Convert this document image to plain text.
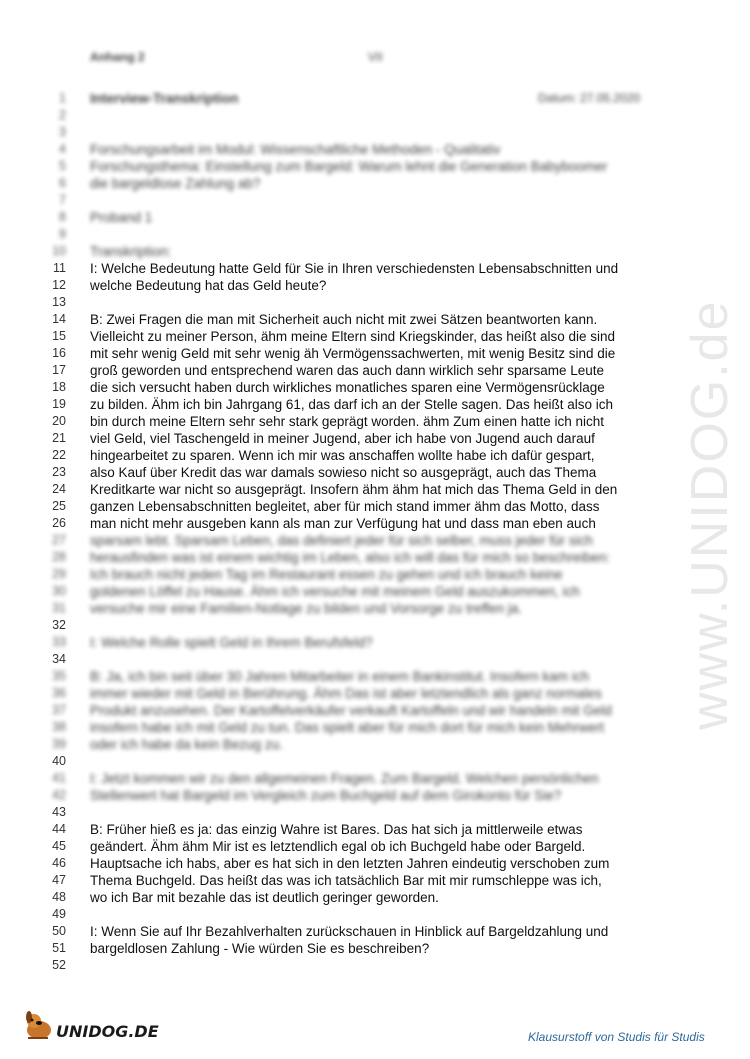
www.UNIDOG.de
Anhang 2	VII
1 Interview-Transkription	Datum: 27.05.2020
2
3
4 Forschungsarbeit im Modul: Wissenschaftliche Methoden - Qualitativ
5 Forschungsthema: Einstellung zum Bargeld: Warum lehnt die Generation Babyboomer
6 die bargeldlose Zahlung ab?
7
8 Proband 1
9
10 Transkription:
11 I: Welche Bedeutung hatte Geld für Sie in Ihren verschiedensten Lebensabschnitten und
12 welche Bedeutung hat das Geld heute?
13
14 B: Zwei Fragen die man mit Sicherheit auch nicht mit zwei Sätzen beantworten kann.
15 Vielleicht zu meiner Person, ähm meine Eltern sind Kriegskinder, das heißt also die sind
16 mit sehr wenig Geld mit sehr wenig äh Vermögenssachwerten, mit wenig Besitz sind die
17 groß geworden und entsprechend waren das auch dann wirklich sehr sparsame Leute
18 die sich versucht haben durch wirkliches monatliches sparen eine Vermögensrücklage
19 zu bilden. Ähm ich bin Jahrgang 61, das darf ich an der Stelle sagen. Das heißt also ich
20 bin durch meine Eltern sehr sehr stark geprägt worden. ähm Zum einen hatte ich nicht
21 viel Geld, viel Taschengeld in meiner Jugend, aber ich habe von Jugend auch darauf
22 hingearbeitet zu sparen. Wenn ich mir was anschaffen wollte habe ich dafür gespart,
23 also Kauf über Kredit das war damals sowieso nicht so ausgeprägt, auch das Thema
24 Kreditkarte war nicht so ausgeprägt. Insofern ähm ähm hat mich das Thema Geld in den
25 ganzen Lebensabschnitten begleitet, aber für mich stand immer ähm das Motto, dass
26 man nicht mehr ausgeben kann als man zur Verfügung hat und dass man eben auch
27 sparsam lebt. Sparsam Leben, das definiert jeder für sich selber, muss jeder für sich
28 herausfinden was ist einem wichtig im Leben, also ich will das für mich so beschreiben:
29 Ich brauch nicht jeden Tag im Restaurant essen zu gehen und ich brauch keine
30 goldenen Löffel zu Hause. Ähm ich versuche mit meinem Geld auszukommen, ich
31 versuche mir eine Familien-Notlage zu bilden und Vorsorge zu treffen ja.
32
33 I: Welche Rolle spielt Geld in Ihrem Berufsfeld?
34
35 B: Ja, ich bin seit über 30 Jahren Mitarbeiter in einem Bankinstitut. Insofern kam ich
36 immer wieder mit Geld in Berührung. Ähm Das ist aber letztendlich als ganz normales
37 Produkt anzusehen. Der Kartoffelverkäufer verkauft Kartoffeln und wir handeln mit Geld
38 insofern habe ich mit Geld zu tun. Das spielt aber für mich dort für mich kein Mehrwert
39 oder ich habe da kein Bezug zu.
40
41 I: Jetzt kommen wir zu den allgemeinen Fragen. Zum Bargeld. Welchen persönlichen
42 Stellenwert hat Bargeld im Vergleich zum Buchgeld auf dem Girokonto für Sie?
43
44 B: Früher hieß es ja: das einzig Wahre ist Bares. Das hat sich ja mittlerweile etwas
45 geändert. Ähm ähm Mir ist es letztendlich egal ob ich Buchgeld habe oder Bargeld.
46 Hauptsache ich habs, aber es hat sich in den letzten Jahren eindeutig verschoben zum
47 Thema Buchgeld. Das heißt das was ich tatsächlich Bar mit mir rumschleppe was ich,
48 wo ich Bar mit bezahle das ist deutlich geringer geworden.
49
50 I: Wenn Sie auf Ihr Bezahlverhalten zurückschauen in Hinblick auf Bargeldzahlung und
51 bargeldlosen Zahlung - Wie würden Sie es beschreiben?
52
UNIDOG.DE	Klausurstoff von Studis für Studis
